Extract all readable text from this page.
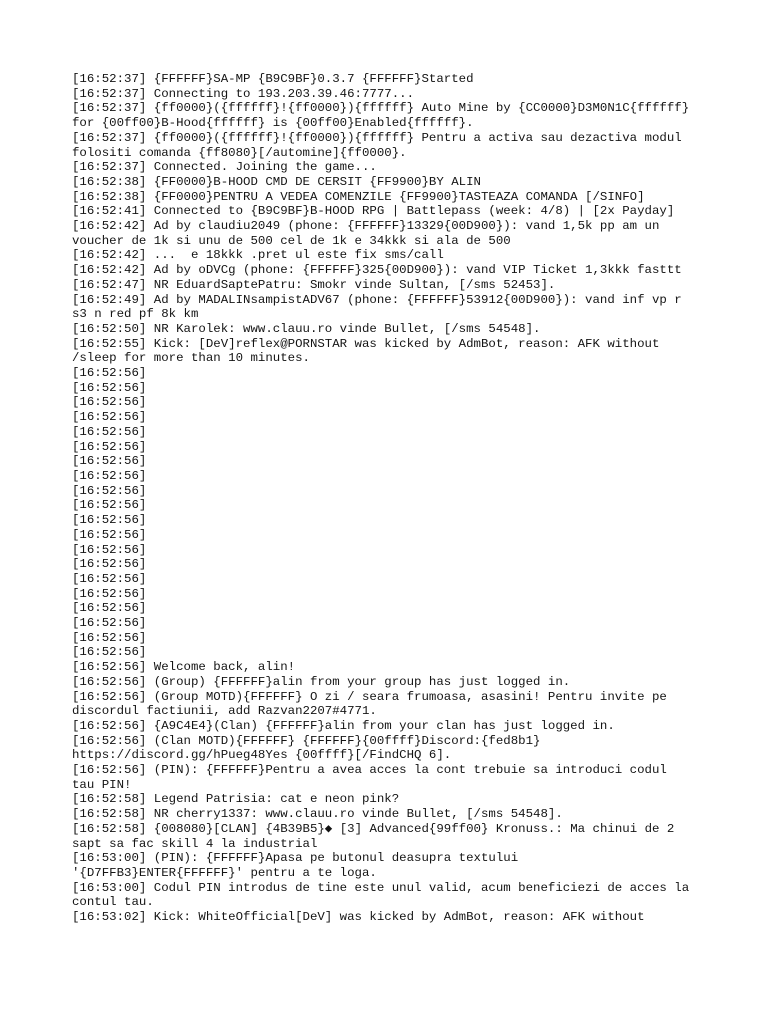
[16:52:37] {FFFFFF}SA-MP {B9C9BF}0.3.7 {FFFFFF}Started
[16:52:37] Connecting to 193.203.39.46:7777...
[16:52:37] {ff0000}({ffffff}!{ff0000}){ffffff} Auto Mine by {CC0000}D3M0N1C{ffffff}
for {00ff00}B-Hood{ffffff} is {00ff00}Enabled{ffffff}.
[16:52:37] {ff0000}({ffffff}!{ff0000}){ffffff} Pentru a activa sau dezactiva modul
folositi comanda {ff8080}[/automine]{ff0000}.
[16:52:37] Connected. Joining the game...
[16:52:38] {FF0000}B-HOOD CMD DE CERSIT {FF9900}BY ALIN
[16:52:38] {FF0000}PENTRU A VEDEA COMENZILE {FF9900}TASTEAZA COMANDA [/SINFO]
[16:52:41] Connected to {B9C9BF}B-HOOD RPG | Battlepass (week: 4/8) | [2x Payday]
[16:52:42] Ad by claudiu2049 (phone: {FFFFFF}13329{00D900}): vand 1,5k pp am un
voucher de 1k si unu de 500 cel de 1k e 34kkk si ala de 500
[16:52:42] ...  e 18kkk .pret ul este fix sms/call
[16:52:42] Ad by oDVCg (phone: {FFFFFF}325{00D900}): vand VIP Ticket 1,3kkk fasttt
[16:52:47] NR EduardSaptePatru: Smokr vinde Sultan, [/sms 52453].
[16:52:49] Ad by MADALINsampistADV67 (phone: {FFFFFF}53912{00D900}): vand inf vp r
s3 n red pf 8k km
[16:52:50] NR Karolek: www.clauu.ro vinde Bullet, [/sms 54548].
[16:52:55] Kick: [DeV]reflex@PORNSTAR was kicked by AdmBot, reason: AFK without
/sleep for more than 10 minutes.
[16:52:56]
[16:52:56]
[16:52:56]
[16:52:56]
[16:52:56]
[16:52:56]
[16:52:56]
[16:52:56]
[16:52:56]
[16:52:56]
[16:52:56]
[16:52:56]
[16:52:56]
[16:52:56]
[16:52:56]
[16:52:56]
[16:52:56]
[16:52:56]
[16:52:56]
[16:52:56]
[16:52:56] Welcome back, alin!
[16:52:56] (Group) {FFFFFF}alin from your group has just logged in.
[16:52:56] (Group MOTD){FFFFFF} O zi / seara frumoasa, asasini! Pentru invite pe
discordul factiunii, add Razvan2207#4771.
[16:52:56] {A9C4E4}(Clan) {FFFFFF}alin from your clan has just logged in.
[16:52:56] (Clan MOTD){FFFFFF} {FFFFFF}{00ffff}Discord:{fed8b1}
https://discord.gg/hPueg48Yes {00ffff}[/FindCHQ 6].
[16:52:56] (PIN): {FFFFFF}Pentru a avea acces la cont trebuie sa introduci codul
tau PIN!
[16:52:58] Legend Patrisia: cat e neon pink?
[16:52:58] NR cherry1337: www.clauu.ro vinde Bullet, [/sms 54548].
[16:52:58] {008080}[CLAN] {4B39B5}◆ [3] Advanced{99ff00} Kronuss.: Ma chinui de 2
sapt sa fac skill 4 la industrial
[16:53:00] (PIN): {FFFFFF}Apasa pe butonul deasupra textului
'{D7FFB3}ENTER{FFFFFF}' pentru a te loga.
[16:53:00] Codul PIN introdus de tine este unul valid, acum beneficiezi de acces la
contul tau.
[16:53:02] Kick: WhiteOfficial[DeV] was kicked by AdmBot, reason: AFK without
